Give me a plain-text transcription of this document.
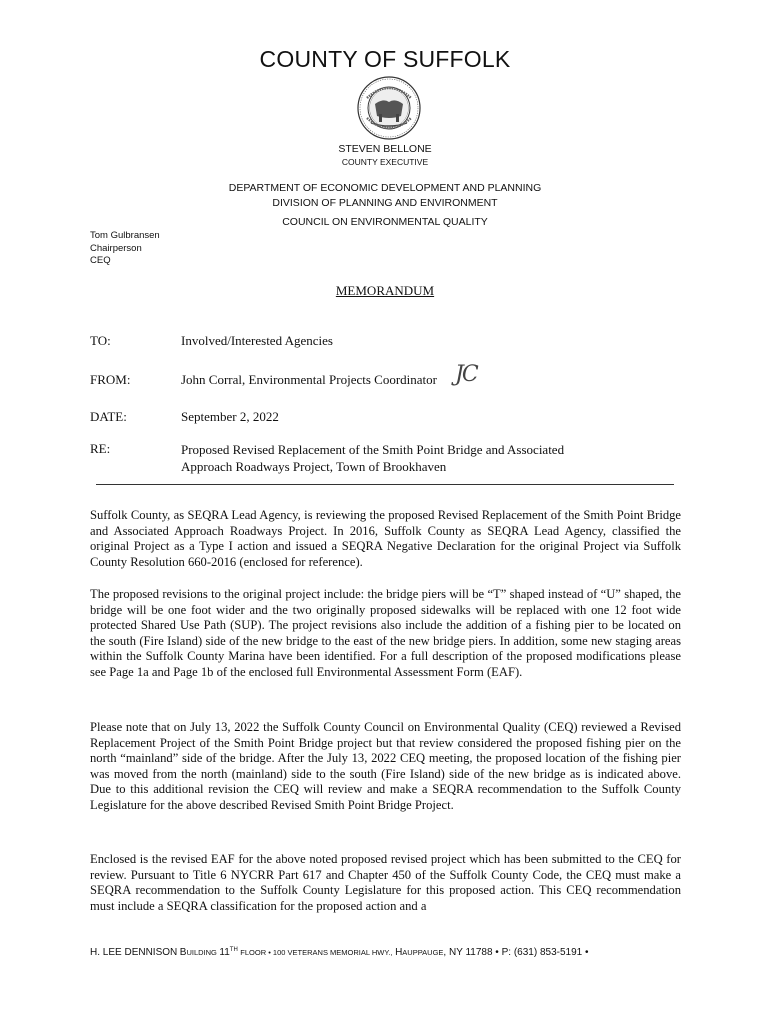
COUNTY OF SUFFOLK
STEVEN BELLONE
COUNTY EXECUTIVE
DEPARTMENT OF ECONOMIC DEVELOPMENT AND PLANNING
DIVISION OF PLANNING AND ENVIRONMENT
COUNCIL ON ENVIRONMENTAL QUALITY
Tom Gulbransen
Chairperson
CEQ
MEMORANDUM
TO:	Involved/Interested Agencies
FROM:	John Corral, Environmental Projects Coordinator JC
DATE:	September 2, 2022
RE:	Proposed Revised Replacement of the Smith Point Bridge and Associated
Approach Roadways Project, Town of Brookhaven
Suffolk County, as SEQRA Lead Agency, is reviewing the proposed Revised Replacement of the Smith Point Bridge and Associated Approach Roadways Project. In 2016, Suffolk County as SEQRA Lead Agency, classified the original Project as a Type I action and issued a SEQRA Negative Declaration for the original Project via Suffolk County Resolution 660-2016 (enclosed for reference).
The proposed revisions to the original project include: the bridge piers will be “T” shaped instead of “U” shaped, the bridge will be one foot wider and the two originally proposed sidewalks will be replaced with one 12 foot wide protected Shared Use Path (SUP). The project revisions also include the addition of a fishing pier to be located on the south (Fire Island) side of the new bridge to the east of the new bridge piers. In addition, some new staging areas within the Suffolk County Marina have been identified. For a full description of the proposed modifications please see Page 1a and Page 1b of the enclosed full Environmental Assessment Form (EAF).
Please note that on July 13, 2022 the Suffolk County Council on Environmental Quality (CEQ) reviewed a Revised Replacement Project of the Smith Point Bridge project but that review considered the proposed fishing pier on the north “mainland” side of the bridge. After the July 13, 2022 CEQ meeting, the proposed location of the fishing pier was moved from the north (mainland) side to the south (Fire Island) side of the new bridge as is indicated above. Due to this additional revision the CEQ will review and make a SEQRA recommendation to the Suffolk County Legislature for the above described Revised Smith Point Bridge Project.
Enclosed is the revised EAF for the above noted proposed revised project which has been submitted to the CEQ for review. Pursuant to Title 6 NYCRR Part 617 and Chapter 450 of the Suffolk County Code, the CEQ must make a SEQRA recommendation to the Suffolk County Legislature for this proposed action. This CEQ recommendation must include a SEQRA classification for the proposed action and a
H. LEE DENNISON BUILDING 11TH FLOOR • 100 VETERANS MEMORIAL HWY., HAUPPAUGE, NY 11788 • P: (631) 853-5191 •
